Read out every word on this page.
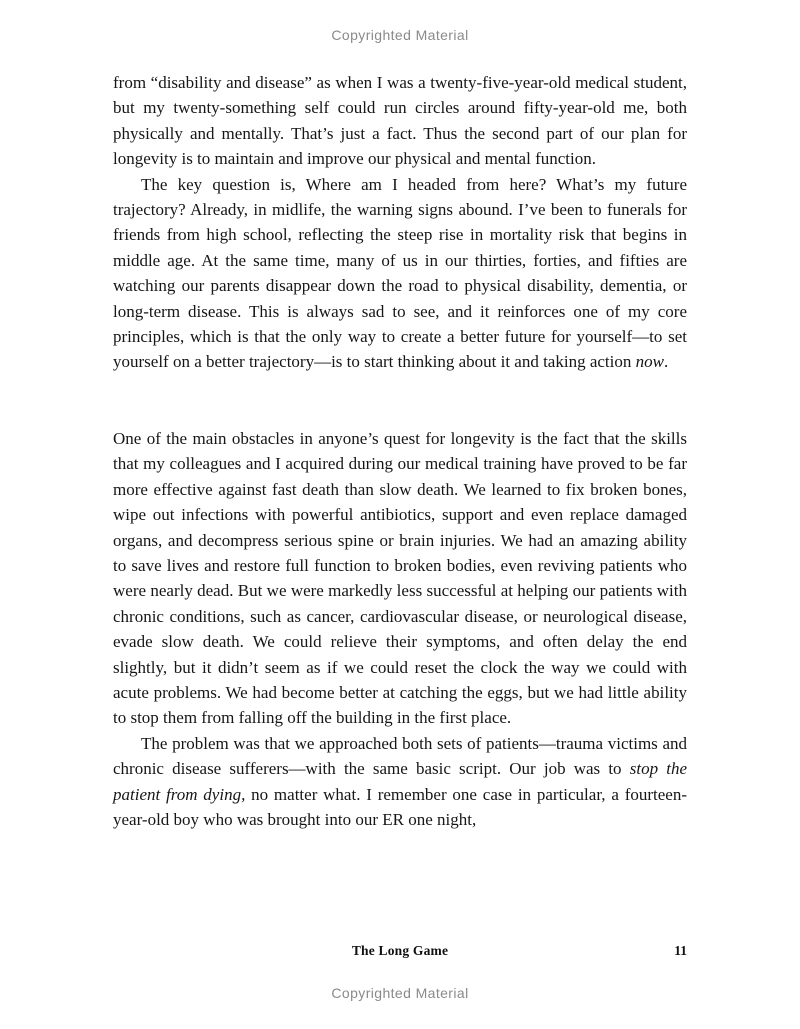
Copyrighted Material

from “disability and disease” as when I was a twenty-five-year-old medical student, but my twenty-something self could run circles around fifty-year-old me, both physically and mentally. That’s just a fact. Thus the second part of our plan for longevity is to maintain and improve our physical and mental function.

The key question is, Where am I headed from here? What’s my future trajectory? Already, in midlife, the warning signs abound. I’ve been to funerals for friends from high school, reflecting the steep rise in mortality risk that begins in middle age. At the same time, many of us in our thirties, forties, and fifties are watching our parents disappear down the road to physical disability, dementia, or long-term disease. This is always sad to see, and it reinforces one of my core principles, which is that the only way to create a better future for yourself—to set yourself on a better trajectory—is to start thinking about it and taking action now.

One of the main obstacles in anyone’s quest for longevity is the fact that the skills that my colleagues and I acquired during our medical training have proved to be far more effective against fast death than slow death. We learned to fix broken bones, wipe out infections with powerful antibiotics, support and even replace damaged organs, and decompress serious spine or brain injuries. We had an amazing ability to save lives and restore full function to broken bodies, even reviving patients who were nearly dead. But we were markedly less successful at helping our patients with chronic conditions, such as cancer, cardiovascular disease, or neurological disease, evade slow death. We could relieve their symptoms, and often delay the end slightly, but it didn’t seem as if we could reset the clock the way we could with acute problems. We had become better at catching the eggs, but we had little ability to stop them from falling off the building in the first place.

The problem was that we approached both sets of patients—trauma victims and chronic disease sufferers—with the same basic script. Our job was to stop the patient from dying, no matter what. I remember one case in particular, a fourteen-year-old boy who was brought into our ER one night,

The Long Game	11
Copyrighted Material
